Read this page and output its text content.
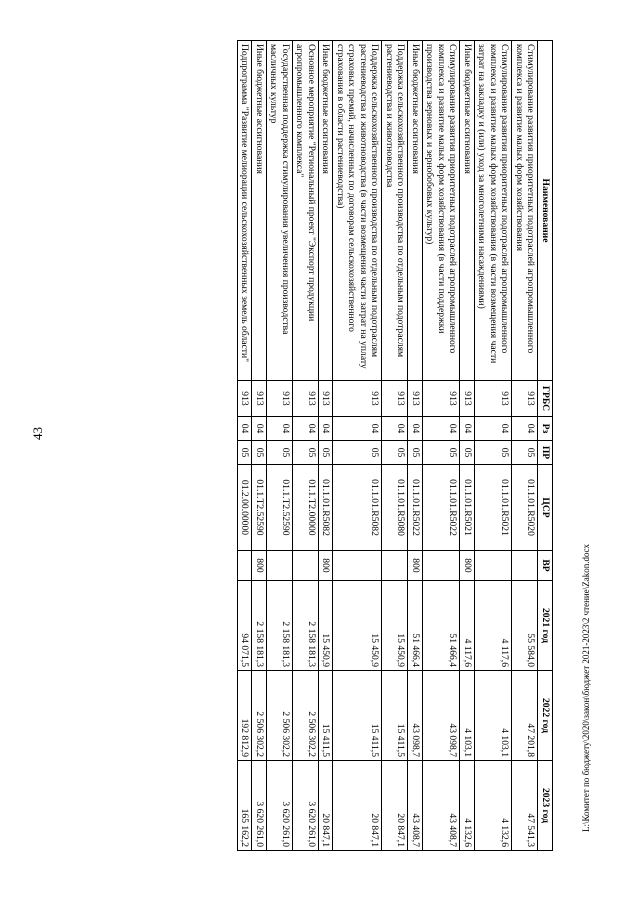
43
Наименование	ГРБС	Рз	ПР	ЦСР	ВР	2021 год	2022 год	2023 год
Стимулирование развития приоритетных подотраслей агропромышленного комплекса и развитие малых форм хозяйствования	913	04	05	01.1.01.R5020		55 584,0	47 201,8	47 541,3
Стимулирование развития приоритетных подотраслей агропромышленного комплекса и развитие малых форм хозяйствования (в части возмещения части затрат на закладку и (или) уход за многолетними насаждениями)	913	04	05	01.1.01.R5021		4 117,6	4 103,1	4 132,6
Иные бюджетные ассигнования	913	04	05	01.1.01.R5021	800	4 117,6	4 103,1	4 132,6
Стимулирование развития приоритетных подотраслей агропромышленного комплекса и развитие малых форм хозяйствования (в части поддержки производства зерновых и зернобобовых культур)	913	04	05	01.1.01.R5022		51 466,4	43 098,7	43 408,7
Иные бюджетные ассигнования	913	04	05	01.1.01.R5022	800	51 466,4	43 098,7	43 408,7
Поддержка сельскохозяйственного производства по отдельным подотраслям растениеводства и животноводства	913	04	05	01.1.01.R5080		15 450,9	15 411,5	20 847,1
Поддержка сельскохозяйственного производства по отдельным подотраслям растениеводства и животноводства (в части возмещения части затрат на уплату страховых премий, начисленных по договорам сельскохозяйственного страхования в области растениеводства)	913	04	05	01.1.01.R5082		15 450,9	15 411,5	20 847,1
Иные бюджетные ассигнования	913	04	05	01.1.01.R5082	800	15 450,9	15 411,5	20 847,1
Основное мероприятие "Региональный проект "Экспорт продукции агропромышленного комплекса"	913	04	05	01.1.T2.00000		2 158 181,3	2 506 302,2	3 620 261,0
Государственная поддержка стимулирования увеличения производства масличных культур	913	04	05	01.1.T2.52590		2 158 181,3	2 506 302,2	3 620 261,0
Иные бюджетные ассигнования	913	04	05	01.1.T2.52590	800	2 158 181,3	2 506 302,2	3 620 261,0
Подпрограмма "Развитие мелиорации сельскохозяйственных земель области"	913	04	05	01.2.00.00000		94 071,5	192 812,9	165 162,2	L:\Комитет по бюджету\2020\закон\бюджет 2021-2023\2 чтение\Zakon.docx
